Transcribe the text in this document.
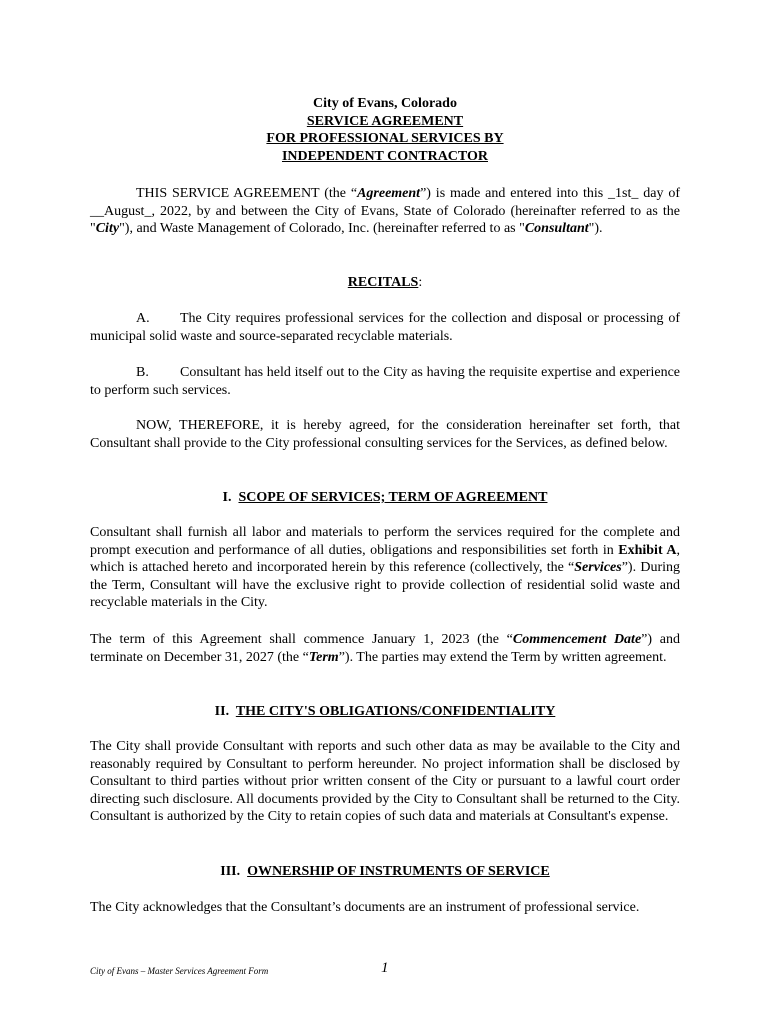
City of Evans, Colorado
SERVICE AGREEMENT
FOR PROFESSIONAL SERVICES BY
INDEPENDENT CONTRACTOR
THIS SERVICE AGREEMENT (the “Agreement”) is made and entered into this _1st_ day of __August_, 2022, by and between the City of Evans, State of Colorado (hereinafter referred to as the "City"), and Waste Management of Colorado, Inc. (hereinafter referred to as "Consultant").
RECITALS:
A. The City requires professional services for the collection and disposal or processing of municipal solid waste and source-separated recyclable materials.
B. Consultant has held itself out to the City as having the requisite expertise and experience to perform such services.
NOW, THEREFORE, it is hereby agreed, for the consideration hereinafter set forth, that Consultant shall provide to the City professional consulting services for the Services, as defined below.
I. SCOPE OF SERVICES; TERM OF AGREEMENT
Consultant shall furnish all labor and materials to perform the services required for the complete and prompt execution and performance of all duties, obligations and responsibilities set forth in Exhibit A, which is attached hereto and incorporated herein by this reference (collectively, the “Services”). During the Term, Consultant will have the exclusive right to provide collection of residential solid waste and recyclable materials in the City.
The term of this Agreement shall commence January 1, 2023 (the “Commencement Date”) and terminate on December 31, 2027 (the “Term”). The parties may extend the Term by written agreement.
II. THE CITY'S OBLIGATIONS/CONFIDENTIALITY
The City shall provide Consultant with reports and such other data as may be available to the City and reasonably required by Consultant to perform hereunder. No project information shall be disclosed by Consultant to third parties without prior written consent of the City or pursuant to a lawful court order directing such disclosure. All documents provided by the City to Consultant shall be returned to the City. Consultant is authorized by the City to retain copies of such data and materials at Consultant's expense.
III. OWNERSHIP OF INSTRUMENTS OF SERVICE
The City acknowledges that the Consultant’s documents are an instrument of professional service.
City of Evans – Master Services Agreement Form	1
